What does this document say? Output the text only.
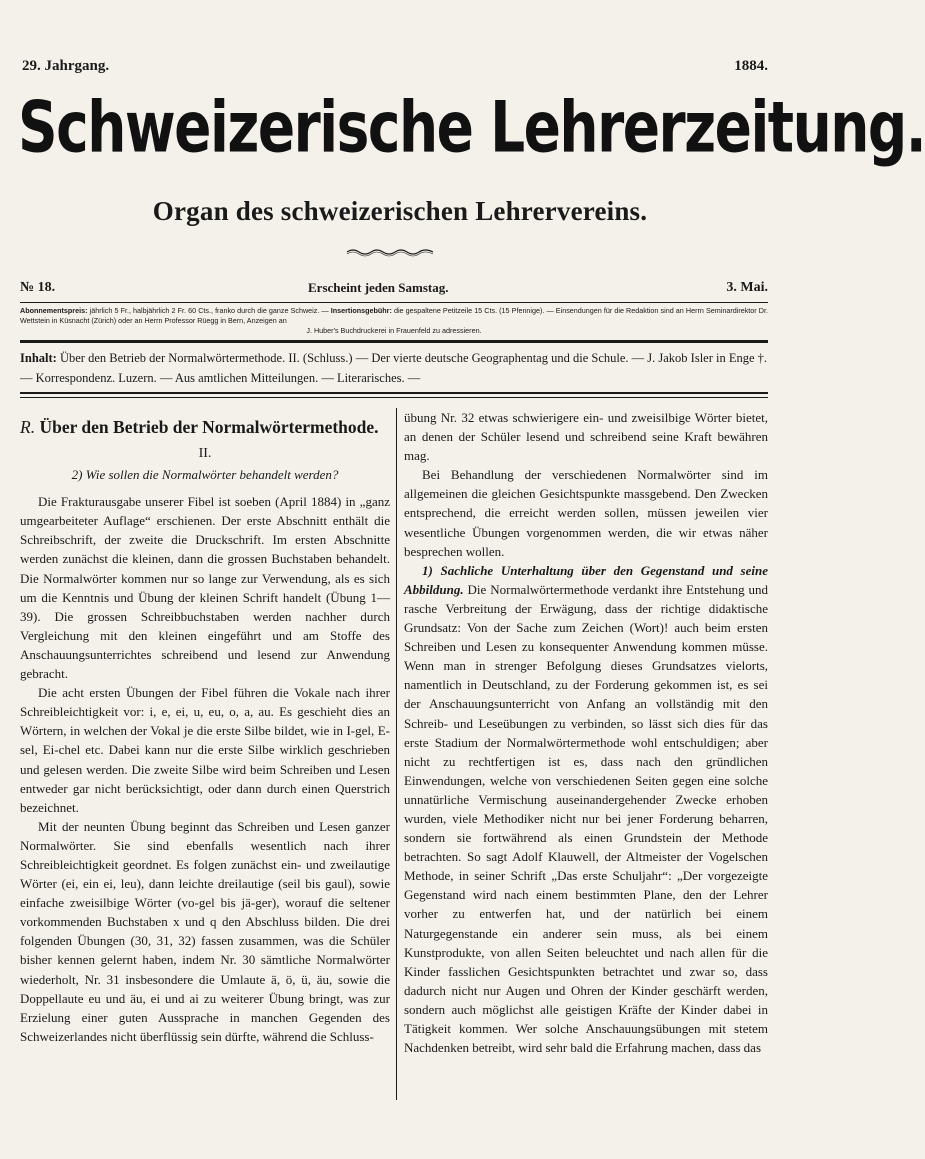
29. Jahrgang.	1884.
Schweizerische Lehrerzeitung.
Organ des schweizerischen Lehrervereins.
№ 18.	Erscheint jeden Samstag.	3. Mai.
Abonnementspreis: jährlich 5 Fr., halbjährlich 2 Fr. 60 Cts., franko durch die ganze Schweiz. — Insertionsgebühr: die gespaltene Petitzeile 15 Cts. (15 Pfennige). — Einsendungen für die Redaktion sind an Herrn Seminardirektor Dr. Wettstein in Küsnacht (Zürich) oder an Herrn Professor Rüegg in Bern, Anzeigen an
J. Huber's Buchdruckerei in Frauenfeld zu adressieren.
Inhalt: Über den Betrieb der Normalwörtermethode. II. (Schluss.) — Der vierte deutsche Geographentag und die Schule. — J. Jakob Isler in Enge †. — Korrespondenz. Luzern. — Aus amtlichen Mitteilungen. — Literarisches. —
R. Über den Betrieb der Normalwörtermethode.
II.
2) Wie sollen die Normalwörter behandelt werden?

Die Frakturausgabe unserer Fibel ist soeben (April 1884) in „ganz umgearbeiteter Auflage“ erschienen. Der erste Abschnitt enthält die Schreibschrift, der zweite die Druckschrift. Im ersten Abschnitte werden zunächst die kleinen, dann die grossen Buchstaben behandelt. Die Normalwörter kommen nur so lange zur Verwendung, als es sich um die Kenntnis und Übung der kleinen Schrift handelt (Übung 1—39). Die grossen Schreibbuchstaben werden nachher durch Vergleichung mit den kleinen eingeführt und am Stoffe des Anschauungsunterrichtes schreibend und lesend zur Anwendung gebracht.

Die acht ersten Übungen der Fibel führen die Vokale nach ihrer Schreibleichtigkeit vor: i, e, ei, u, eu, o, a, au. Es geschieht dies an Wörtern, in welchen der Vokal je die erste Silbe bildet, wie in I-gel, E-sel, Ei-chel etc. Dabei kann nur die erste Silbe wirklich geschrieben und gelesen werden. Die zweite Silbe wird beim Schreiben und Lesen entweder gar nicht berücksichtigt, oder dann durch einen Querstrich bezeichnet.

Mit der neunten Übung beginnt das Schreiben und Lesen ganzer Normalwörter. Sie sind ebenfalls wesentlich nach ihrer Schreibleichtigkeit geordnet. Es folgen zunächst ein- und zweilautige Wörter (ei, ein ei, leu), dann leichte dreilautige (seil bis gaul), sowie einfache zweisilbige Wörter (vo-gel bis jä-ger), worauf die seltener vorkommenden Buchstaben x und q den Abschluss bilden. Die drei folgenden Übungen (30, 31, 32) fassen zusammen, was die Schüler bisher kennen gelernt haben, indem Nr. 30 sämtliche Normalwörter wiederholt, Nr. 31 insbesondere die Umlaute ä, ö, ü, äu, sowie die Doppellaute eu und äu, ei und ai zu weiterer Übung bringt, was zur Erzielung einer guten Aussprache in manchen Gegenden des Schweizerlandes nicht überflüssig sein dürfte, während die Schluss-

übung Nr. 32 etwas schwierigere ein- und zweisilbige Wörter bietet, an denen der Schüler lesend und schreibend seine Kraft bewähren mag.

Bei Behandlung der verschiedenen Normalwörter sind im allgemeinen die gleichen Gesichtspunkte massgebend. Den Zwecken entsprechend, die erreicht werden sollen, müssen jeweilen vier wesentliche Übungen vorgenommen werden, die wir etwas näher besprechen wollen.

1) Sachliche Unterhaltung über den Gegenstand und seine Abbildung. Die Normalwörtermethode verdankt ihre Entstehung und rasche Verbreitung der Erwägung, dass der richtige didaktische Grundsatz: Von der Sache zum Zeichen (Wort)! auch beim ersten Schreiben und Lesen zu konsequenter Anwendung kommen müsse. Wenn man in strenger Befolgung dieses Grundsatzes vielorts, namentlich in Deutschland, zu der Forderung gekommen ist, es sei der Anschauungsunterricht von Anfang an vollständig mit den Schreib- und Leseübungen zu verbinden, so lässt sich dies für das erste Stadium der Normalwörtermethode wohl entschuldigen; aber nicht zu rechtfertigen ist es, dass nach den gründlichen Einwendungen, welche von verschiedenen Seiten gegen eine solche unnatürliche Vermischung auseinandergehender Zwecke erhoben wurden, viele Methodiker nicht nur bei jener Forderung beharren, sondern sie fortwährend als einen Grundstein der Methode betrachten. So sagt Adolf Klauwell, der Altmeister der Vogelschen Methode, in seiner Schrift „Das erste Schuljahr“: „Der vorgezeigte Gegenstand wird nach einem bestimmten Plane, den der Lehrer vorher zu entwerfen hat, und der natürlich bei einem Naturgegenstande ein anderer sein muss, als bei einem Kunstprodukte, von allen Seiten beleuchtet und nach allen für die Kinder fasslichen Gesichtspunkten betrachtet und zwar so, dass dadurch nicht nur Augen und Ohren der Kinder geschärft werden, sondern auch möglichst alle geistigen Kräfte der Kinder dabei in Tätigkeit kommen. Wer solche Anschauungsübungen mit stetem Nachdenken betreibt, wird sehr bald die Erfahrung machen, dass das
